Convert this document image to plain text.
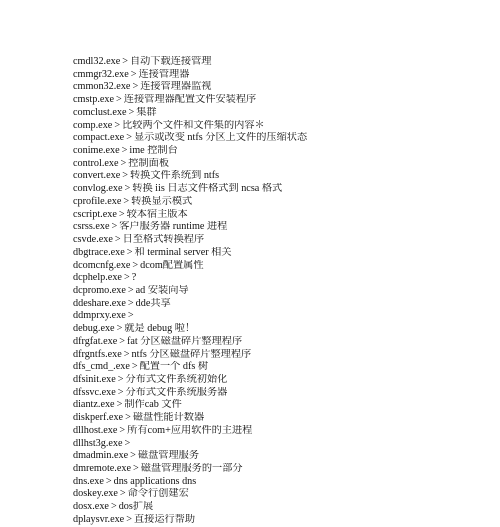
cmdl32.exe > 自动下载连接管理
cmmgr32.exe > 连接管理器
cmmon32.exe > 连接管理器监视
cmstp.exe > 连接管理器配置文件安装程序
comclust.exe > 集群
comp.exe > 比较两个文件和文件集的内容＊
compact.exe > 显示或改变 ntfs 分区上文件的压缩状态
conime.exe > ime 控制台
control.exe > 控制面板
convert.exe > 转换文件系统到 ntfs
convlog.exe > 转换 iis 日志文件格式到 ncsa 格式
cprofile.exe > 转换显示模式
cscript.exe > 较本宿主版本
csrss.exe > 客户服务器 runtime 进程
csvde.exe > 日至格式转换程序
dbgtrace.exe > 和 terminal server 相关
dcomcnfg.exe > dcom配置属性
dcphelp.exe > ?
dcpromo.exe > ad 安装向导
ddeshare.exe > dde共享
ddmprxy.exe >
debug.exe > 就是 debug 啦！
dfrgfat.exe > fat 分区磁盘碎片整理程序
dfrgntfs.exe > ntfs 分区磁盘碎片整理程序
dfs_cmd_.exe > 配置一个 dfs 树
dfsinit.exe > 分布式文件系统初始化
dfssvc.exe > 分布式文件系统服务器
diantz.exe > 制作cab 文件
diskperf.exe > 磁盘性能计数器
dllhost.exe > 所有com+应用软件的主进程
dllhst3g.exe >
dmadmin.exe > 磁盘管理服务
dmremote.exe > 磁盘管理服务的一部分
dns.exe > dns applications dns
doskey.exe > 命令行创建宏
dosx.exe > dos扩展
dplaysvr.exe > 直接运行帮助
